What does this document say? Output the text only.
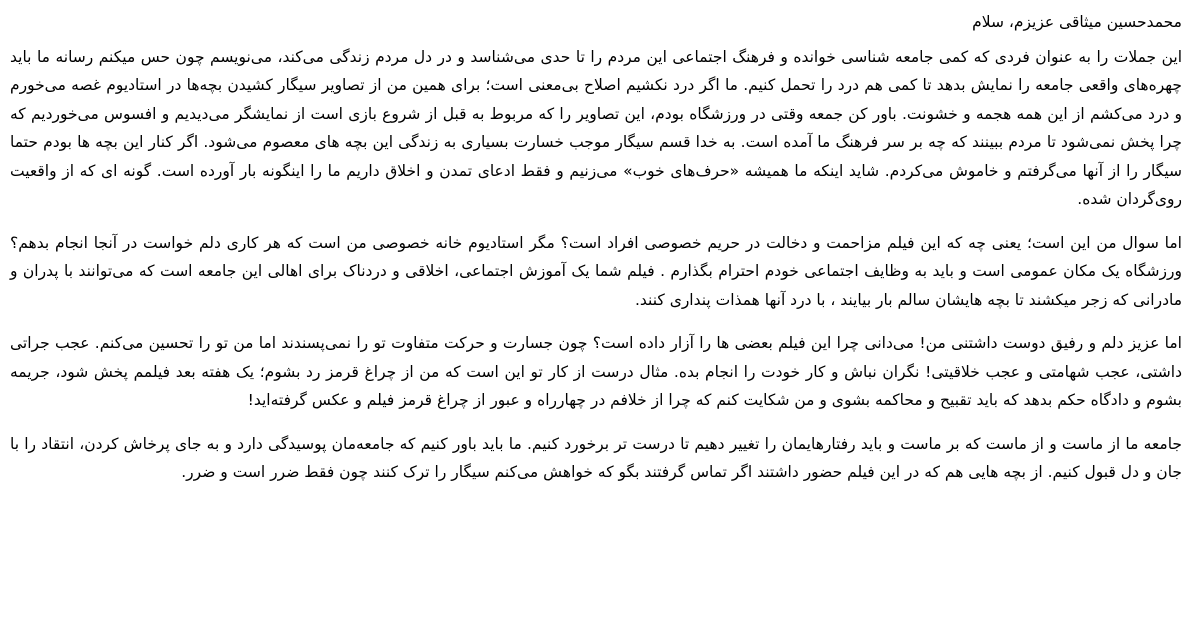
محمدحسین میثاقی عزیزم، سلام

این جملات را به عنوان فردی که کمی جامعه شناسی خوانده و فرهنگ اجتماعی این مردم را تا حدی می‌شناسد و در دل مردم زندگی می‌کند، می‌نویسم چون حس میکنم رسانه ما باید چهره‌های واقعی جامعه را نمایش بدهد تا کمی هم درد را تحمل کنیم. ما اگر درد نکشیم اصلاح بی‌معنی است؛ برای همین من از تصاویر سیگار کشیدن بچه‌ها در استادیوم غصه می‌خورم و درد می‌کشم از این همه هجمه و خشونت. باور کن جمعه وقتی در ورزشگاه بودم، این تصاویر را که مربوط به قبل از شروع بازی است از نمایشگر می‌دیدیم و افسوس می‌خوردیم که چرا پخش نمی‌شود تا مردم ببینند که چه بر سر فرهنگ ما آمده است. به خدا قسم سیگار موجب خسارت بسیاری به زندگی این بچه های معصوم می‌شود. اگر کنار این بچه ها بودم حتما سیگار را از آنها می‌گرفتم و خاموش می‌کردم. شاید اینکه ما همیشه «حرف‌های خوب» می‌زنیم و فقط ادعای تمدن و اخلاق داریم ما را اینگونه بار آورده است. گونه ای که از واقعیت روی‌گردان شده.

اما سوال من این است؛ یعنی چه که این فیلم مزاحمت و دخالت در حریم خصوصی افراد است؟ مگر استادیوم خانه خصوصی من است که هر کاری دلم خواست در آنجا انجام بدهم؟ ورزشگاه یک مکان عمومی است و باید به وظایف اجتماعی خودم احترام بگذارم . فیلم شما یک آموزش اجتماعی، اخلاقی و دردناک برای اهالی این جامعه است که می‌توانند با پدران و مادرانی که زجر میکشند تا بچه هایشان سالم بار بیایند ، با درد آنها همذات پنداری کنند.

اما عزیز دلم و رفیق دوست داشتنی من! می‌دانی چرا این فیلم بعضی ها را آزار داده است؟ چون جسارت و حرکت متفاوت تو را نمی‌پسندند اما من تو را تحسین می‌کنم. عجب جراتی داشتی، عجب شهامتی و عجب خلاقیتی! نگران نباش و کار خودت را انجام بده. مثال درست از کار تو این است که من از چراغ قرمز رد بشوم؛ یک هفته بعد فیلمم پخش شود، جریمه بشوم و دادگاه حکم بدهد که باید تقبیح و محاکمه بشوی و من شکایت کنم که چرا از خلافم در چهارراه و عبور از چراغ قرمز فیلم و عکس گرفته‌اید!

جامعه ما از ماست و از ماست که بر ماست و باید رفتارهایمان را تغییر دهیم تا درست تر برخورد کنیم. ما باید باور کنیم که جامعه‌مان پوسیدگی دارد و به جای پرخاش کردن، انتقاد را با جان و دل قبول کنیم. از بچه هایی هم که در این فیلم حضور داشتند اگر تماس گرفتند بگو که خواهش می‌کنم سیگار را ترک کنند چون فقط ضرر است و ضرر.
